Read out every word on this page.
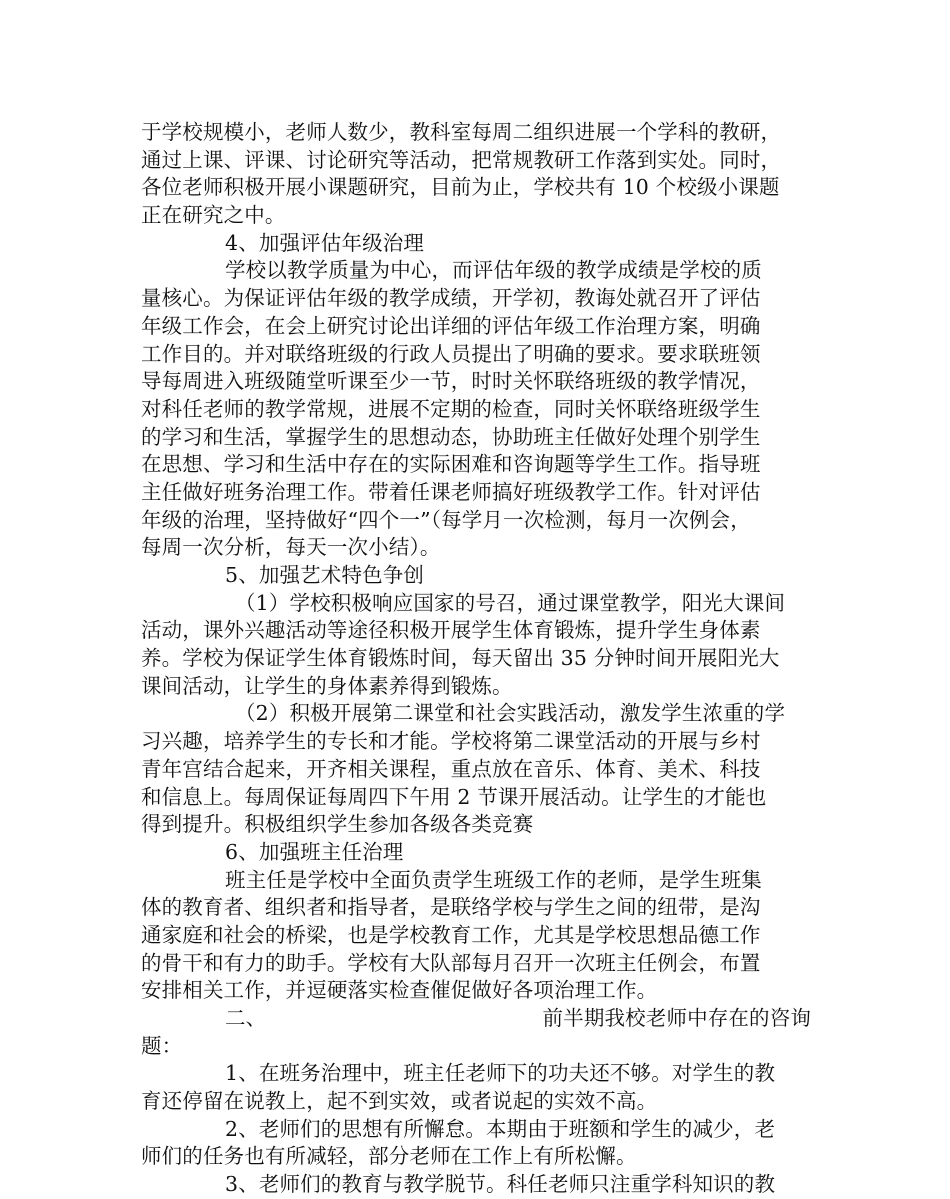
于学校规模小，老师人数少，教科室每周二组织进展一个学科的教研，
通过上课、评课、讨论研究等活动，把常规教研工作落到实处。同时，
各位老师积极开展小课题研究，目前为止，学校共有 10 个校级小课题
正在研究之中。
4、加强评估年级治理
学校以教学质量为中心，而评估年级的教学成绩是学校的质
量核心。为保证评估年级的教学成绩，开学初，教诲处就召开了评估
年级工作会，在会上研究讨论出详细的评估年级工作治理方案，明确
工作目的。并对联络班级的行政人员提出了明确的要求。要求联班领
导每周进入班级随堂听课至少一节，时时关怀联络班级的教学情况，
对科任老师的教学常规，进展不定期的检查，同时关怀联络班级学生
的学习和生活，掌握学生的思想动态，协助班主任做好处理个别学生
在思想、学习和生活中存在的实际困难和咨询题等学生工作。指导班
主任做好班务治理工作。带着任课老师搞好班级教学工作。针对评估
年级的治理，坚持做好“四个一”（每学月一次检测，每月一次例会，
每周一次分析，每天一次小结）。
5、加强艺术特色争创
（1）学校积极响应国家的号召，通过课堂教学，阳光大课间
活动，课外兴趣活动等途径积极开展学生体育锻炼，提升学生身体素
养。学校为保证学生体育锻炼时间，每天留出 35 分钟时间开展阳光大
课间活动，让学生的身体素养得到锻炼。
（2）积极开展第二课堂和社会实践活动，激发学生浓重的学
习兴趣，培养学生的专长和才能。学校将第二课堂活动的开展与乡村
青年宫结合起来，开齐相关课程，重点放在音乐、体育、美术、科技
和信息上。每周保证每周四下午用 2 节课开展活动。让学生的才能也
得到提升。积极组织学生参加各级各类竞赛
6、加强班主任治理
班主任是学校中全面负责学生班级工作的老师，是学生班集
体的教育者、组织者和指导者，是联络学校与学生之间的纽带，是沟
通家庭和社会的桥梁，也是学校教育工作，尤其是学校思想品德工作
的骨干和有力的助手。学校有大队部每月召开一次班主任例会，布置
安排相关工作，并逗硬落实检查催促做好各项治理工作。
二、	前半期我校老师中存在的咨询
题：
1、在班务治理中，班主任老师下的功夫还不够。对学生的教
育还停留在说教上，起不到实效，或者说起的实效不高。
2、老师们的思想有所懈怠。本期由于班额和学生的减少，老
师们的任务也有所减轻，部分老师在工作上有所松懈。
3、老师们的教育与教学脱节。科任老师只注重学科知识的教
